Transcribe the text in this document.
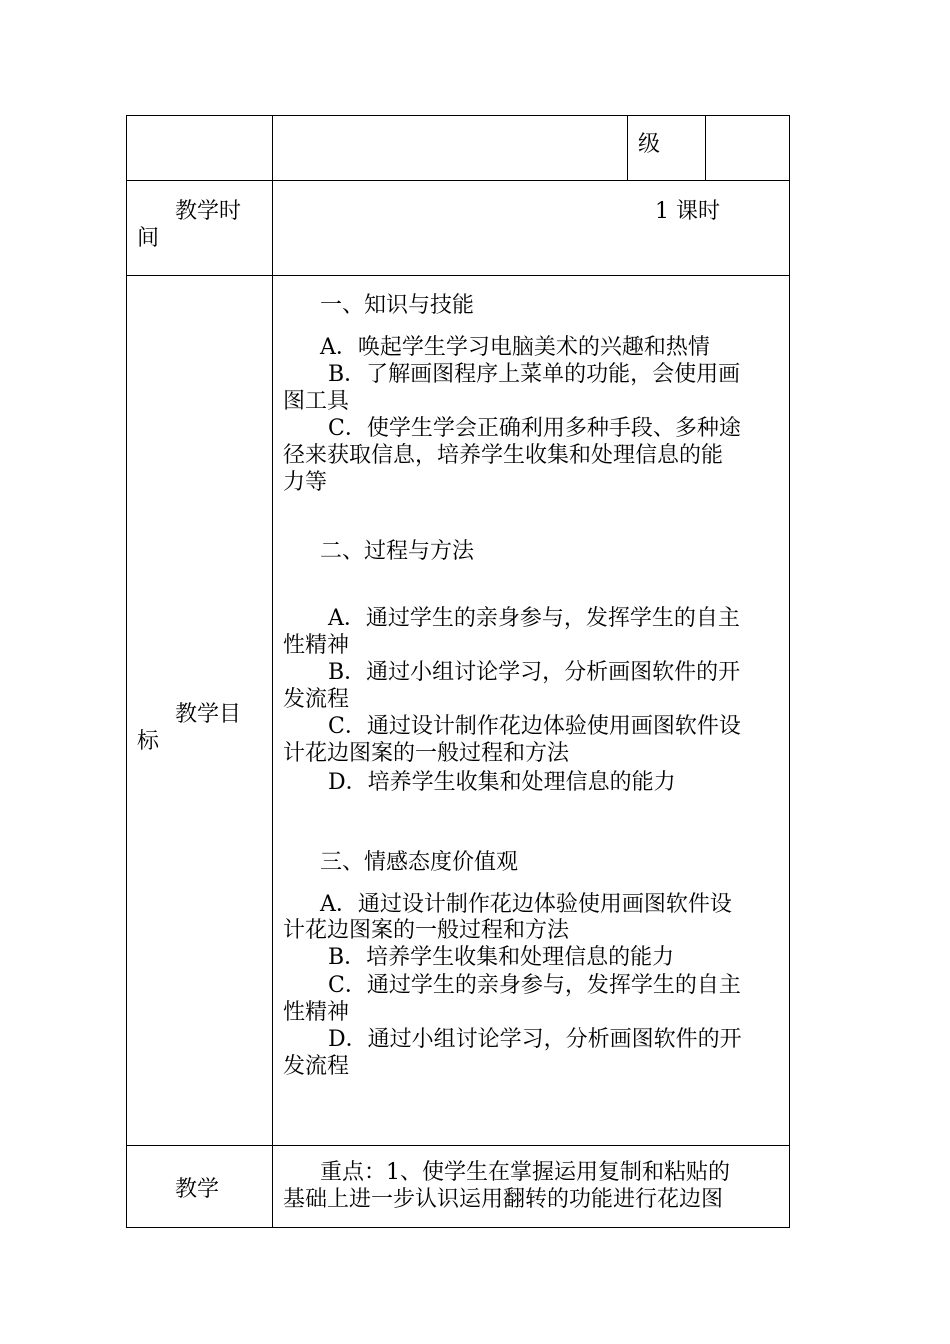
级
教学时
间
1 课时
教学目
标
一、知识与技能
A．唤起学生学习电脑美术的兴趣和热情
B．了解画图程序上菜单的功能，会使用画
图工具
C．使学生学会正确利用多种手段、多种途
径来获取信息，培养学生收集和处理信息的能
力等
二、过程与方法
A．通过学生的亲身参与，发挥学生的自主
性精神
B．通过小组讨论学习，分析画图软件的开
发流程
C．通过设计制作花边体验使用画图软件设
计花边图案的一般过程和方法
D．培养学生收集和处理信息的能力
三、情感态度价值观
A．通过设计制作花边体验使用画图软件设
计花边图案的一般过程和方法
B．培养学生收集和处理信息的能力
C．通过学生的亲身参与，发挥学生的自主
性精神
D．通过小组讨论学习，分析画图软件的开
发流程
教学
重点：1、使学生在掌握运用复制和粘贴的
基础上进一步认识运用翻转的功能进行花边图
